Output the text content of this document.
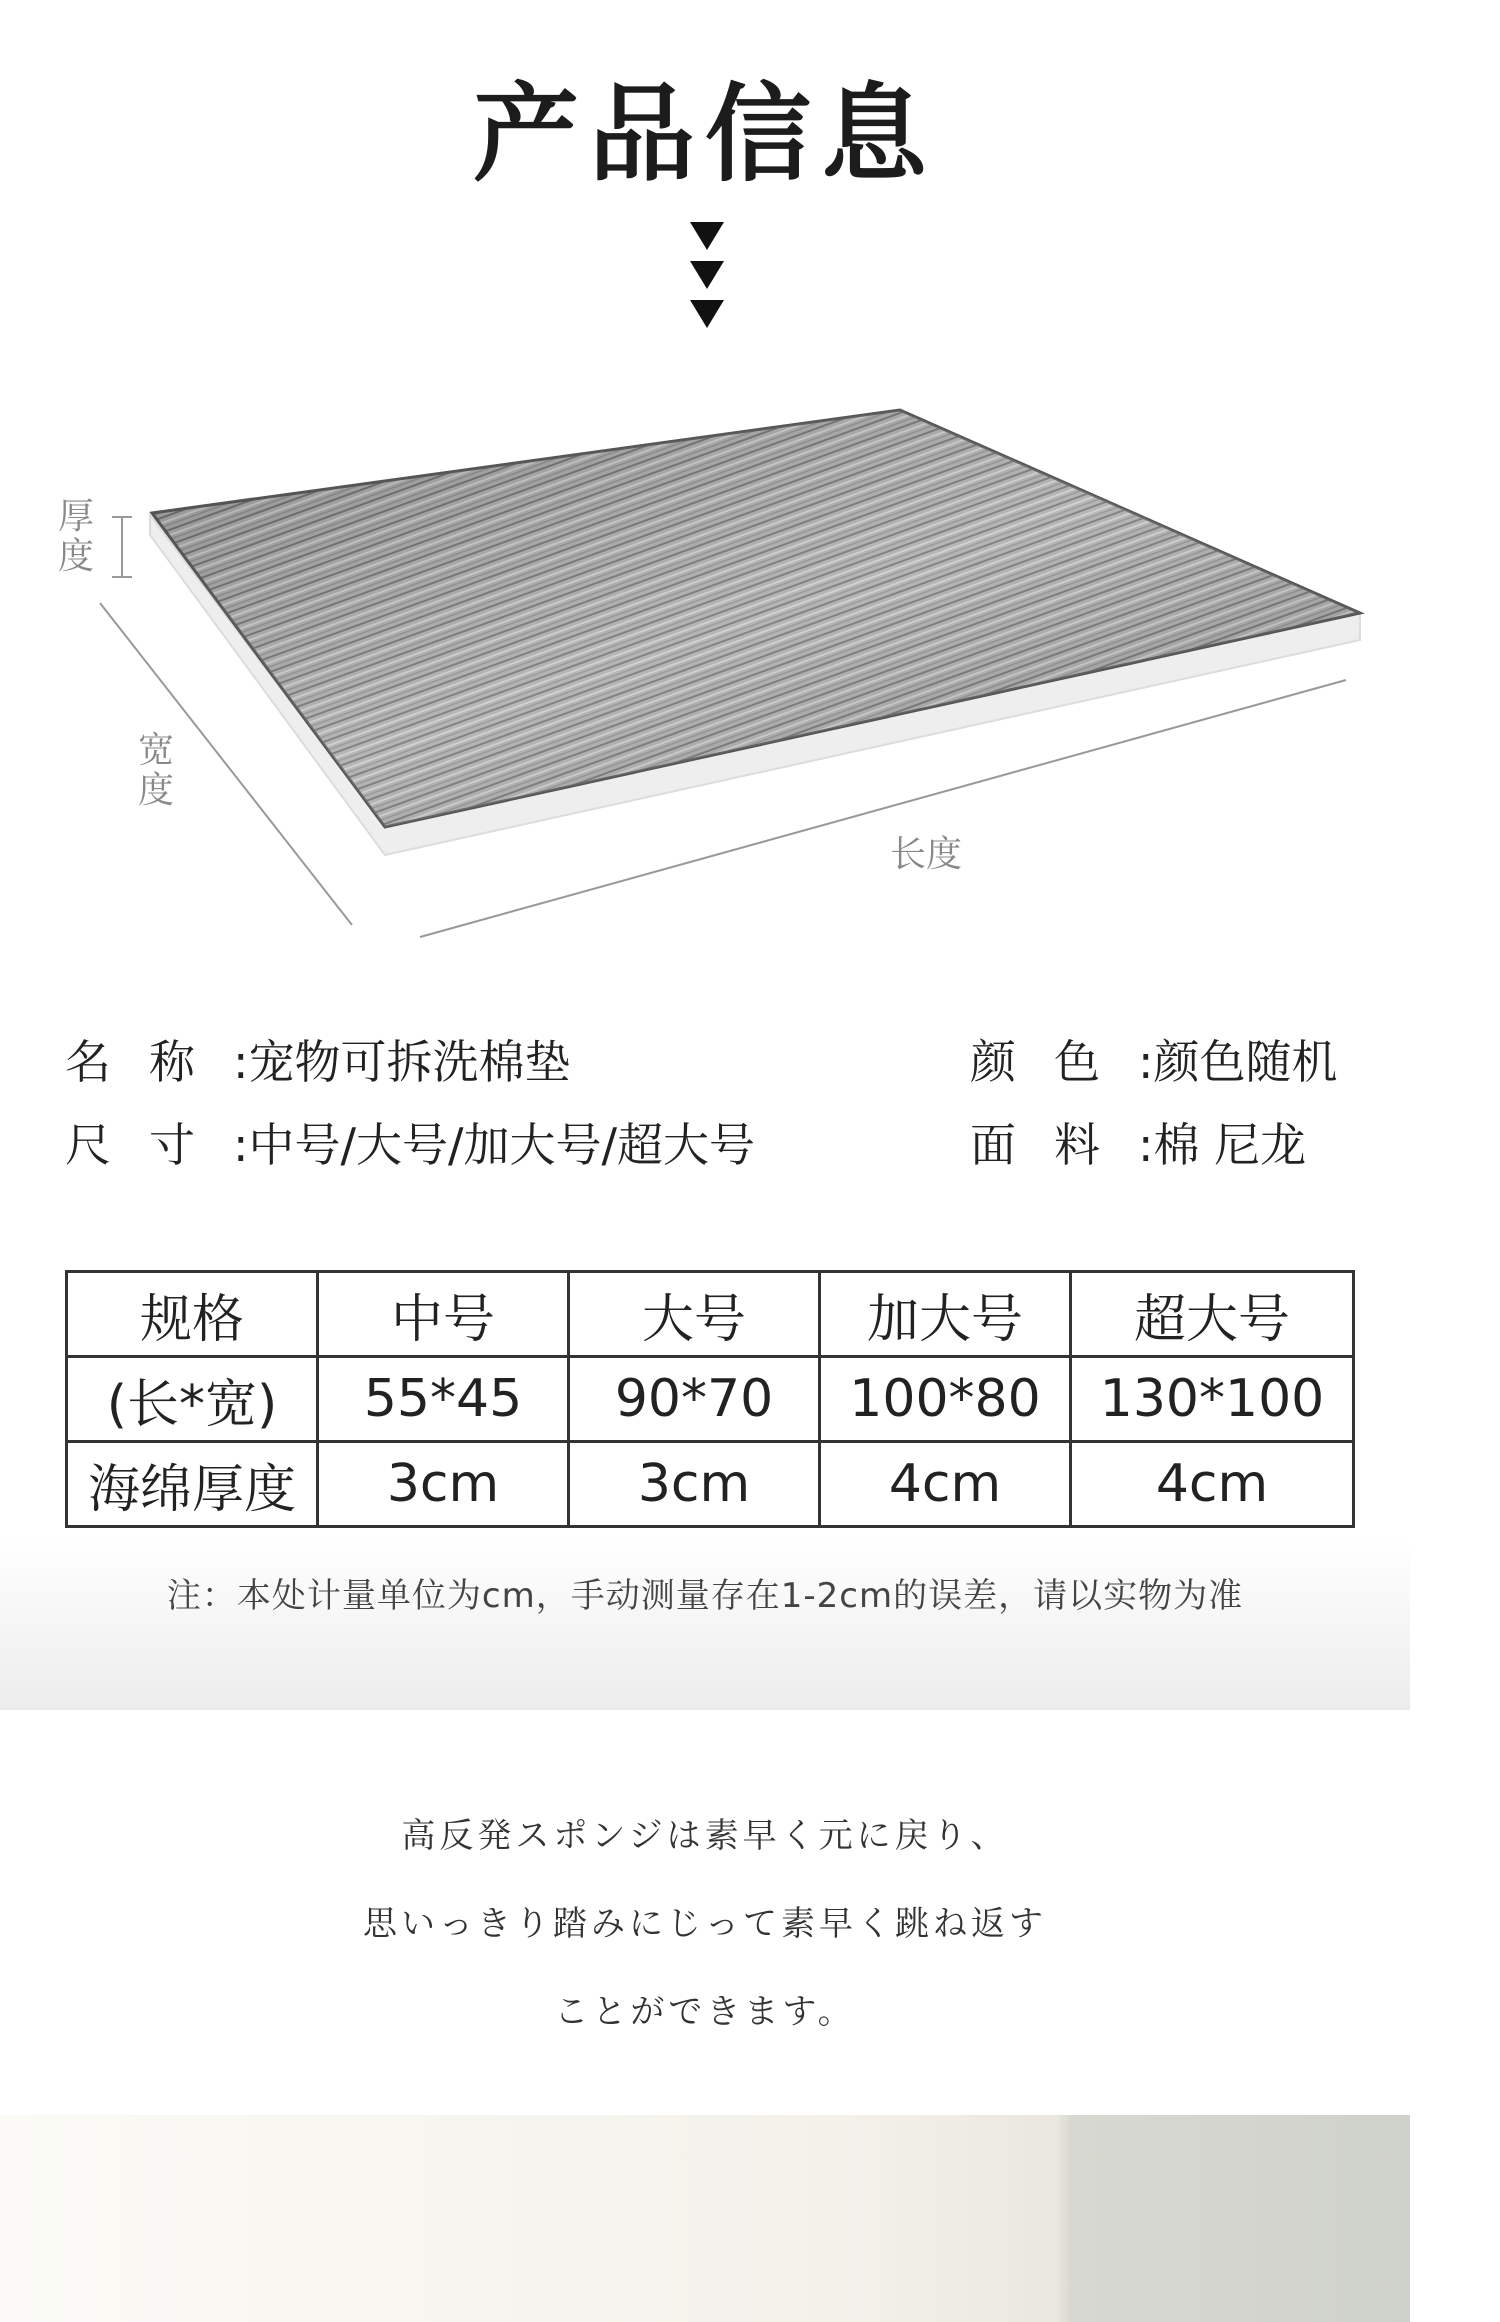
产品信息
厚度
宽度
长度
名称:宠物可拆洗棉垫
尺寸:中号/大号/加大号/超大号
颜色:颜色随机
面料:棉 尼龙
规格	中号	大号	加大号	超大号
(长*宽)	55*45	90*70	100*80	130*100
海绵厚度	3cm	3cm	4cm	4cm
注：本处计量单位为cm，手动测量存在1-2cm的误差，请以实物为准
高反発スポンジは素早く元に戻り、
思いっきり踏みにじって素早く跳ね返す
ことができます。
